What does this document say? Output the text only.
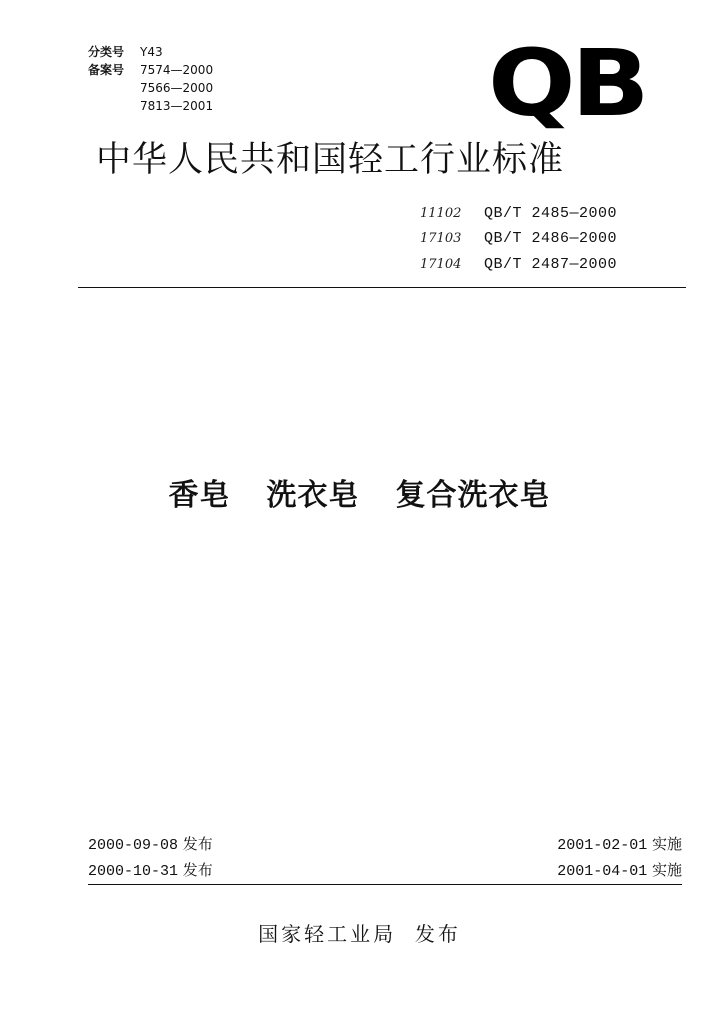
分类号 Y43
备案号 7574—2000
7566—2000
7813—2001	QB
中华人民共和国轻工行业标准
11102 QB/T 2485—2000
17103 QB/T 2486—2000
17104 QB/T 2487—2000
香皂 洗衣皂 复合洗衣皂
2000-09-08 发布
2000-10-31 发布
2001-02-01 实施
2001-04-01 实施
国家轻工业局 发布
